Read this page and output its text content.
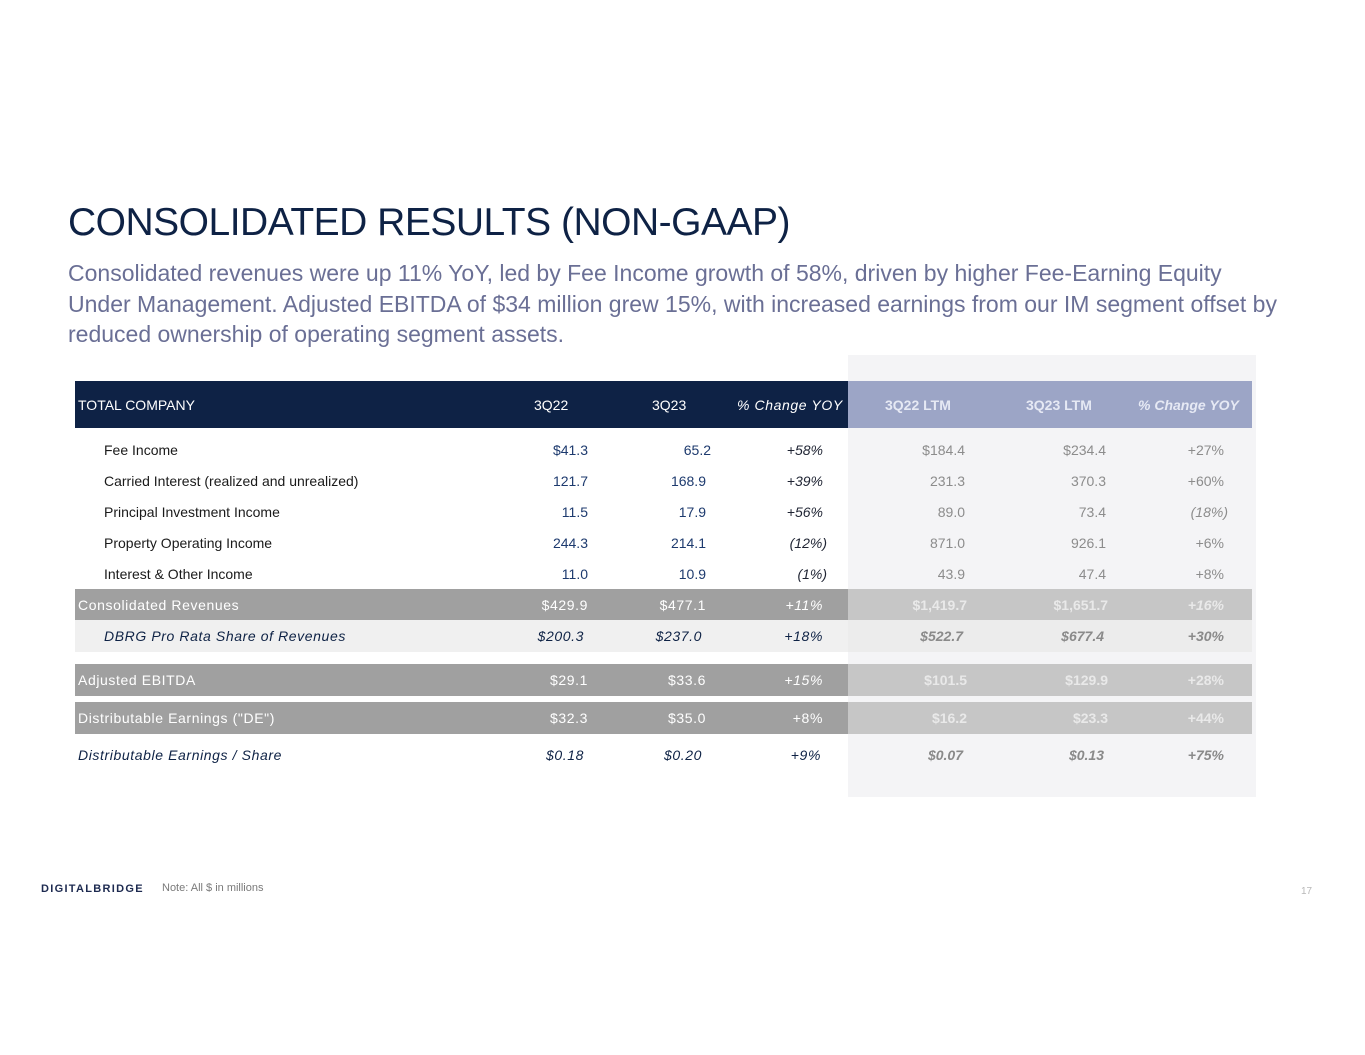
CONSOLIDATED RESULTS (NON-GAAP)
Consolidated revenues were up 11% YoY, led by Fee Income growth of 58%, driven by higher Fee-Earning Equity Under Management. Adjusted EBITDA of $34 million grew 15%, with increased earnings from our IM segment offset by reduced ownership of operating segment assets.
TOTAL COMPANY	3Q22	3Q23	% Change YOY	3Q22 LTM	3Q23 LTM	% Change YOY
Fee Income	$41.3	65.2	+58%	$184.4	$234.4	+27%
Carried Interest (realized and unrealized)	121.7	168.9	+39%	231.3	370.3	+60%
Principal Investment Income	11.5	17.9	+56%	89.0	73.4	(18%)
Property Operating Income	244.3	214.1	(12%)	871.0	926.1	+6%
Interest & Other Income	11.0	10.9	(1%)	43.9	47.4	+8%
Consolidated Revenues	$429.9	$477.1	+11%	$1,419.7	$1,651.7	+16%
DBRG Pro Rata Share of Revenues	$200.3	$237.0	+18%	$522.7	$677.4	+30%
Adjusted EBITDA	$29.1	$33.6	+15%	$101.5	$129.9	+28%
Distributable Earnings ("DE")	$32.3	$35.0	+8%	$16.2	$23.3	+44%
Distributable Earnings / Share	$0.18	$0.20	+9%	$0.07	$0.13	+75%
DIGITALBRIDGE Note: All $ in millions	17
